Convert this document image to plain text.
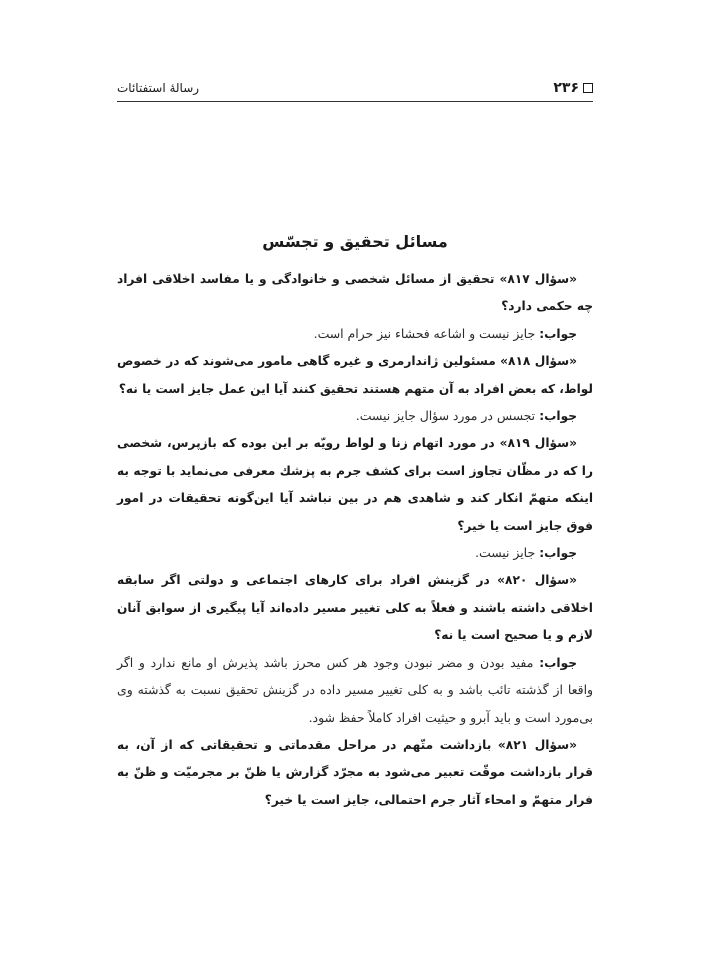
۲۳۶
رسالهٔ استفتائات
مسائل تحقيق و تجسّس

«سؤال ۸۱۷» تحقيق از مسائل شخصى و خانوادگى و يا مفاسد اخلاقى افراد چه حكمى دارد؟

جواب: جايز نيست و اشاعه فحشاء نيز حرام است.

«سؤال ۸۱۸» مسئولين ژاندارمرى و غيره گاهى مامور مى‌شوند كه در خصوص لواط، كه بعض افراد به آن متهم هستند تحقيق كنند آيا اين عمل جايز است يا نه؟

جواب: تجسس در مورد سؤال جايز نيست.

«سؤال ۸۱۹» در مورد اتهام زنا و لواط رويّه بر اين بوده كه بازپرس، شخصى را كه در مظّان تجاوز است براى كشف جرم به پزشك معرفى مى‌نمايد با توجه به اينكه متهمّ انكار كند و شاهدى هم در بين نباشد آيا اين‌گونه تحقيقات در امور فوق جايز است يا خير؟

جواب: جايز نيست.

«سؤال ۸۲۰» در گزينش افراد براى كارهاى اجتماعى و دولتى اگر سابقه اخلاقى داشته باشند و فعلاً به كلى تغيير مسير داده‌اند آيا پيگيرى از سوابق آنان لازم و يا صحيح است يا نه؟

جواب: مفيد بودن و مضر نبودن وجود هر كس محرز باشد پذيرش او مانع ندارد و اگر واقعا از گذشته تائب باشد و به كلى تغيير مسير داده در گزينش تحقيق نسبت به گذشته وى بى‌مورد است و بايد آبرو و حيثيت افراد كاملاً حفظ شود.

«سؤال ۸۲۱» بازداشت متّهم در مراحل مقدماتى و تحقيقاتى كه از آن، به قرار بازداشت موقّت تعبير مى‌شود به مجرّد گزارش يا ظنّ بر مجرميّت و ظنّ به فرار متهمّ و امحاء آثار جرم احتمالى، جايز است يا خير؟
